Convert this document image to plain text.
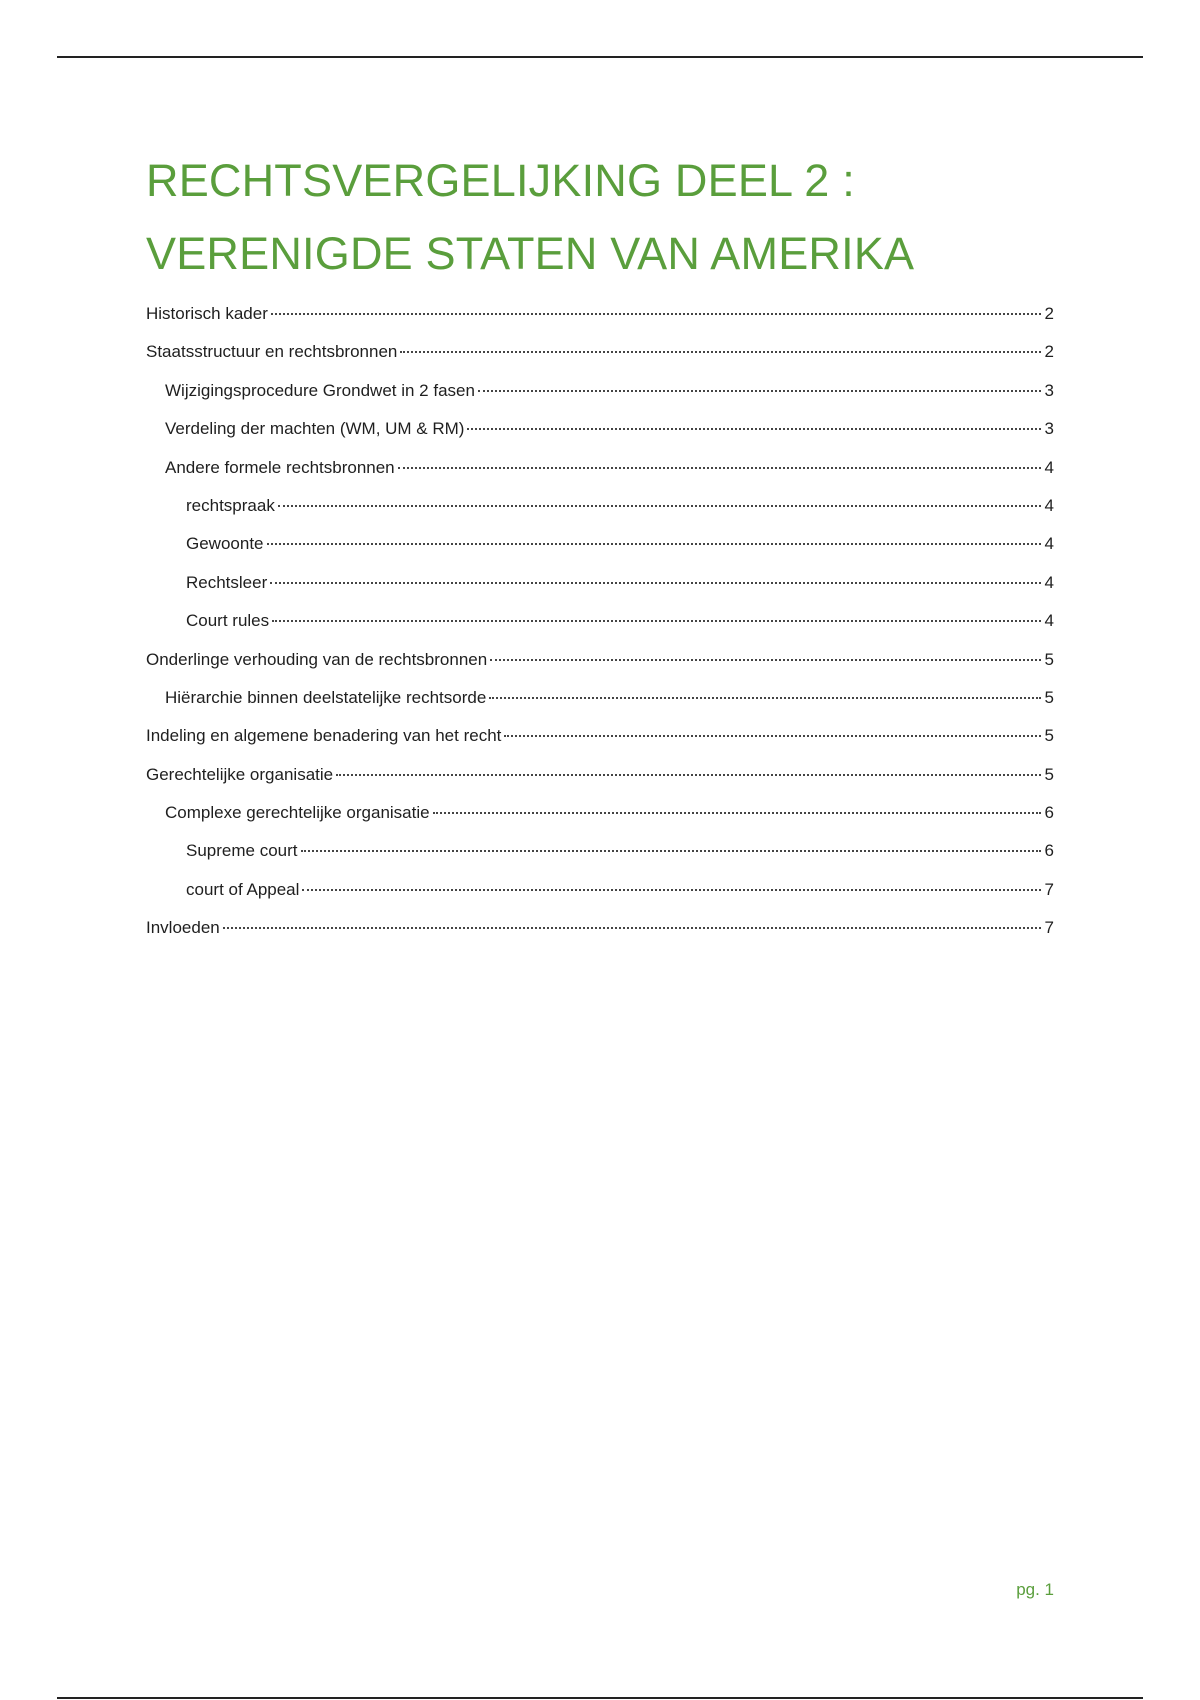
RECHTSVERGELIJKING DEEL 2 :
VERENIGDE STATEN VAN AMERIKA
Historisch kader	2
Staatsstructuur en rechtsbronnen	2
Wijzigingsprocedure Grondwet in 2 fasen	3
Verdeling der machten (WM, UM & RM)	3
Andere formele rechtsbronnen	4
rechtspraak	4
Gewoonte	4
Rechtsleer	4
Court rules	4
Onderlinge verhouding van de rechtsbronnen	5
Hiërarchie binnen deelstatelijke rechtsorde	5
Indeling en algemene benadering van het recht	5
Gerechtelijke organisatie	5
Complexe gerechtelijke organisatie	6
Supreme court	6
court of Appeal	7
Invloeden	7
pg. 1
